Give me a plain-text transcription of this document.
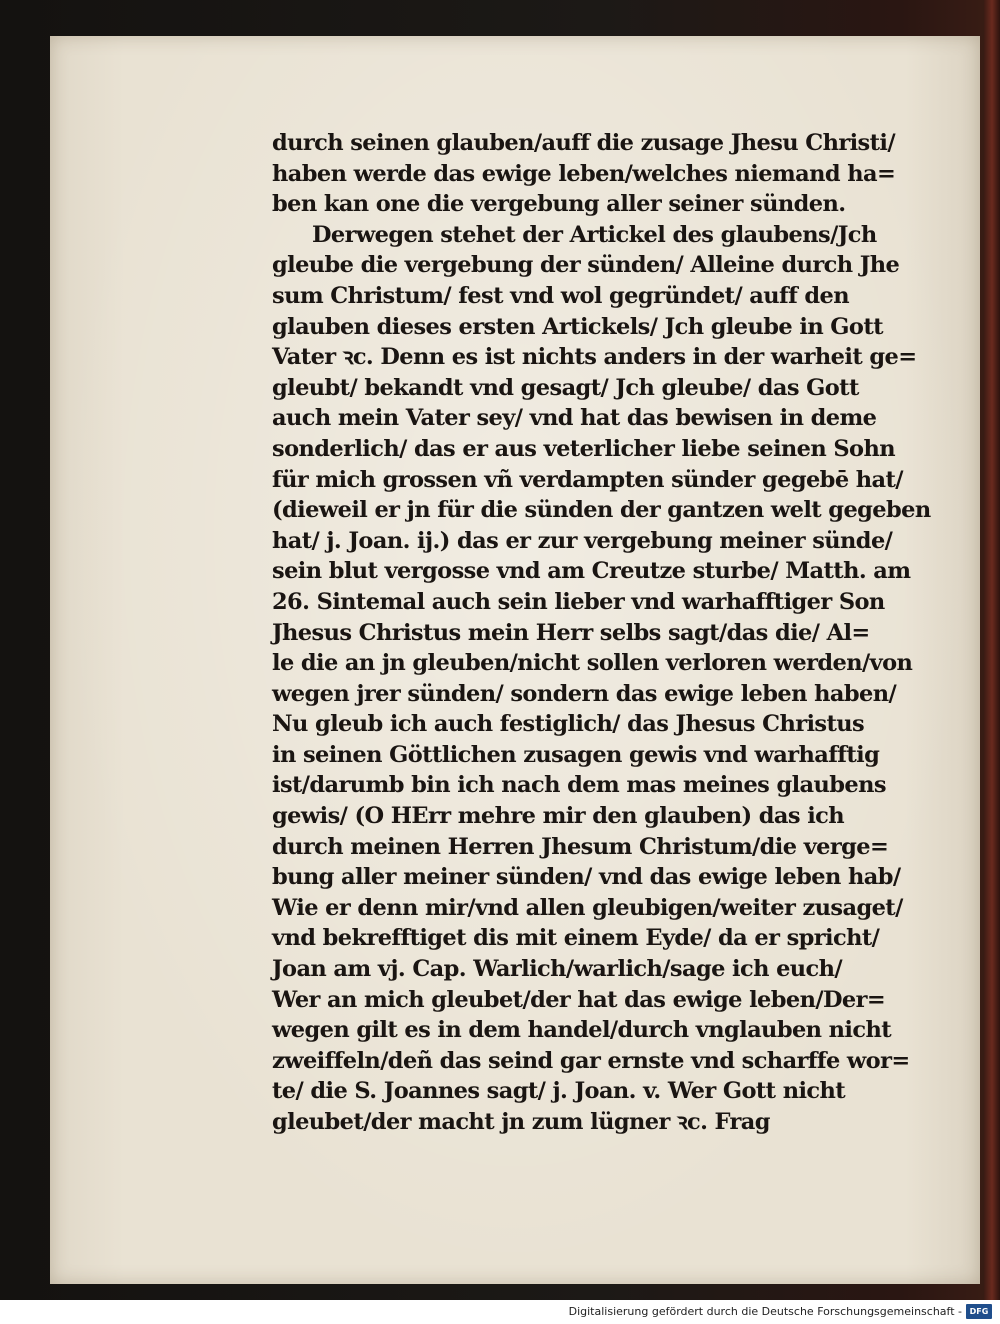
durch seinen glauben/auff die zusage Jhesu Christi/
haben werde das ewige leben/welches niemand ha=
ben kan one die vergebung aller seiner sünden.
Derwegen stehet der Artickel des glaubens/Jch
gleube die vergebung der sünden/ Alleine durch Jhe
sum Christum/ fest vnd wol gegründet/ auff den
glauben dieses ersten Artickels/ Jch gleube in Gott
Vater ꝛc. Denn es ist nichts anders in der warheit ge=
gleubt/ bekandt vnd gesagt/ Jch gleube/ das Gott
auch mein Vater sey/ vnd hat das bewisen in deme
sonderlich/ das er aus veterlicher liebe seinen Sohn
für mich grossen vñ verdampten sünder gegebē hat/
(dieweil er jn für die sünden der gantzen welt gegeben
hat/ j. Joan. ij.) das er zur vergebung meiner sünde/
sein blut vergosse vnd am Creutze sturbe/ Matth. am
26. Sintemal auch sein lieber vnd warhafftiger Son
Jhesus Christus mein Herr selbs sagt/das die/ Al=
le die an jn gleuben/nicht sollen verloren werden/von
wegen jrer sünden/ sondern das ewige leben haben/
Nu gleub ich auch festiglich/ das Jhesus Christus
in seinen Göttlichen zusagen gewis vnd warhafftig
ist/darumb bin ich nach dem mas meines glaubens
gewis/ (O HErr mehre mir den glauben) das ich
durch meinen Herren Jhesum Christum/die verge=
bung aller meiner sünden/ vnd das ewige leben hab/
Wie er denn mir/vnd allen gleubigen/weiter zusaget/
vnd bekrefftiget dis mit einem Eyde/ da er spricht/
Joan am vj. Cap. Warlich/warlich/sage ich euch/
Wer an mich gleubet/der hat das ewige leben/Der=
wegen gilt es in dem handel/durch vnglauben nicht
zweiffeln/deñ das seind gar ernste vnd scharffe wor=
te/ die S. Joannes sagt/ j. Joan. v. Wer Gott nicht
gleubet/der macht jn zum lügner ꝛc. Frag
Digitalisierung gefördert durch die Deutsche Forschungsgemeinschaft - DFG
